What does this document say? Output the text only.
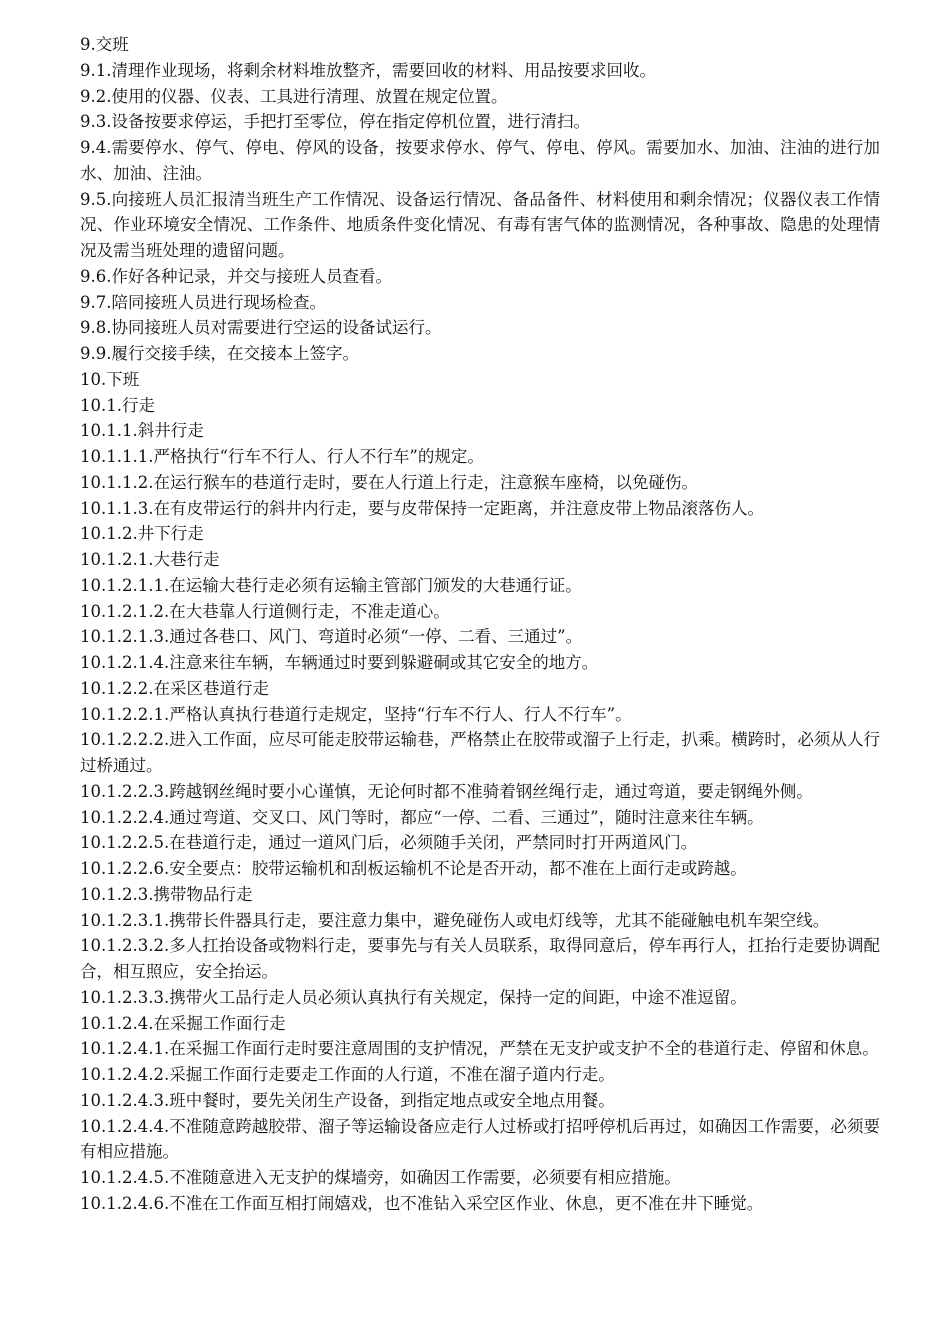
9.交班

9.1.清理作业现场，将剩余材料堆放整齐，需要回收的材料、用品按要求回收。

9.2.使用的仪器、仪表、工具进行清理、放置在规定位置。

9.3.设备按要求停运，手把打至零位，停在指定停机位置，进行清扫。

9.4.需要停水、停气、停电、停风的设备，按要求停水、停气、停电、停风。需要加水、加油、注油的进行加水、加油、注油。

9.5.向接班人员汇报清当班生产工作情况、设备运行情况、备品备件、材料使用和剩余情况；仪器仪表工作情况、作业环境安全情况、工作条件、地质条件变化情况、有毒有害气体的监测情况，各种事故、隐患的处理情况及需当班处理的遗留问题。

9.6.作好各种记录，并交与接班人员查看。

9.7.陪同接班人员进行现场检查。

9.8.协同接班人员对需要进行空运的设备试运行。

9.9.履行交接手续，在交接本上签字。

10.下班

10.1.行走

10.1.1.斜井行走

10.1.1.1.严格执行“行车不行人、行人不行车”的规定。

10.1.1.2.在运行猴车的巷道行走时，要在人行道上行走，注意猴车座椅，以免碰伤。

10.1.1.3.在有皮带运行的斜井内行走，要与皮带保持一定距离，并注意皮带上物品滚落伤人。

10.1.2.井下行走

10.1.2.1.大巷行走

10.1.2.1.1.在运输大巷行走必须有运输主管部门颁发的大巷通行证。

10.1.2.1.2.在大巷靠人行道侧行走，不准走道心。

10.1.2.1.3.通过各巷口、风门、弯道时必须“一停、二看、三通过”。

10.1.2.1.4.注意来往车辆，车辆通过时要到躲避硐或其它安全的地方。

10.1.2.2.在采区巷道行走

10.1.2.2.1.严格认真执行巷道行走规定，坚持“行车不行人、行人不行车”。

10.1.2.2.2.进入工作面，应尽可能走胶带运输巷，严格禁止在胶带或溜子上行走，扒乘。横跨时，必须从人行过桥通过。

10.1.2.2.3.跨越钢丝绳时要小心谨慎，无论何时都不准骑着钢丝绳行走，通过弯道，要走钢绳外侧。

10.1.2.2.4.通过弯道、交叉口、风门等时，都应“一停、二看、三通过”，随时注意来往车辆。

10.1.2.2.5.在巷道行走，通过一道风门后，必须随手关闭，严禁同时打开两道风门。

10.1.2.2.6.安全要点：胶带运输机和刮板运输机不论是否开动，都不准在上面行走或跨越。

10.1.2.3.携带物品行走

10.1.2.3.1.携带长件器具行走，要注意力集中，避免碰伤人或电灯线等，尤其不能碰触电机车架空线。

10.1.2.3.2.多人扛抬设备或物料行走，要事先与有关人员联系，取得同意后，停车再行人，扛抬行走要协调配合，相互照应，安全抬运。

10.1.2.3.3.携带火工品行走人员必须认真执行有关规定，保持一定的间距，中途不准逗留。

10.1.2.4.在采掘工作面行走

10.1.2.4.1.在采掘工作面行走时要注意周围的支护情况，严禁在无支护或支护不全的巷道行走、停留和休息。

10.1.2.4.2.采掘工作面行走要走工作面的人行道，不准在溜子道内行走。

10.1.2.4.3.班中餐时，要先关闭生产设备，到指定地点或安全地点用餐。

10.1.2.4.4.不准随意跨越胶带、溜子等运输设备应走行人过桥或打招呼停机后再过，如确因工作需要，必须要有相应措施。

10.1.2.4.5.不准随意进入无支护的煤墙旁，如确因工作需要，必须要有相应措施。

10.1.2.4.6.不准在工作面互相打闹嬉戏，也不准钻入采空区作业、休息，更不准在井下睡觉。
